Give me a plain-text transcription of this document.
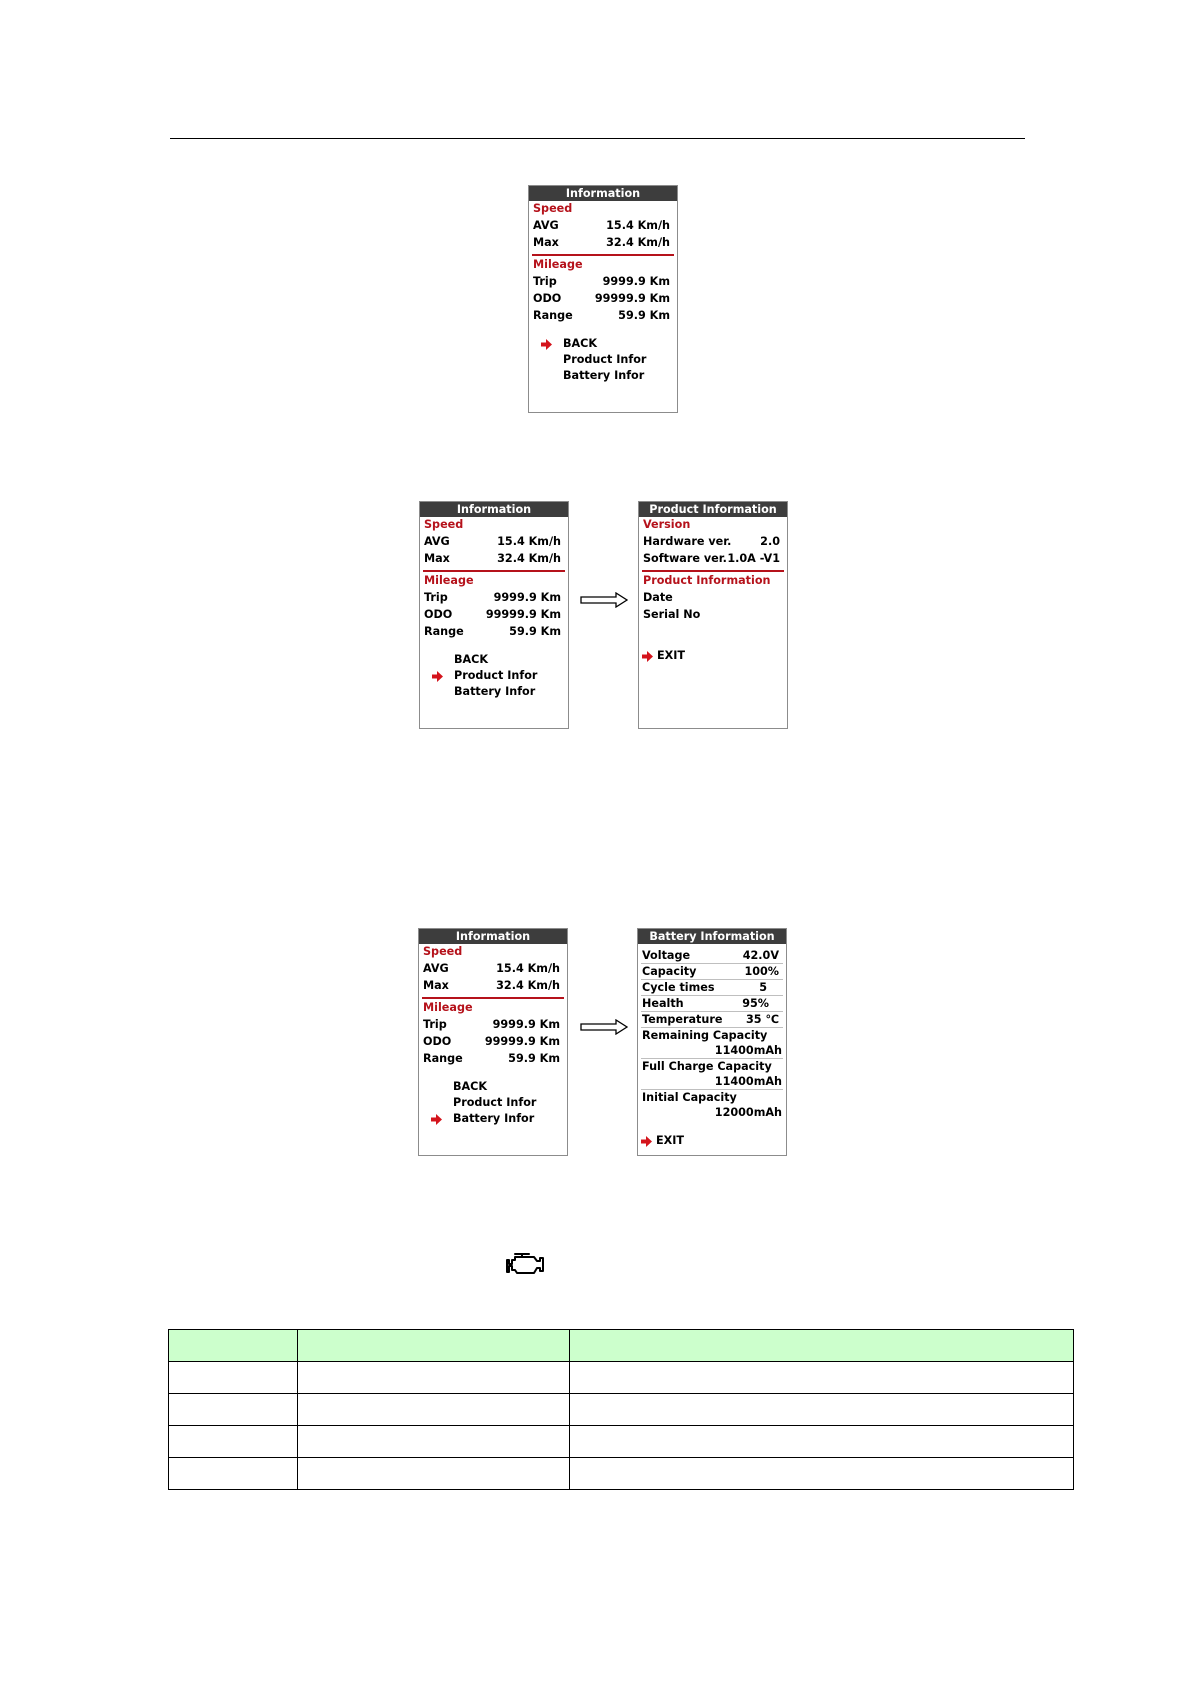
Information
Speed
AVG	15.4 Km/h
Max	32.4 Km/h
Mileage
Trip	9999.9 Km
ODO	99999.9 Km
Range	59.9 Km
BACK
Product Infor
Battery Infor
Information
Speed
AVG	15.4 Km/h
Max	32.4 Km/h
Mileage
Trip	9999.9 Km
ODO	99999.9 Km
Range	59.9 Km
BACK
Product Infor
Battery Infor
Product Information
Version
Hardware ver.	2.0
Software ver. 1.0A -V1
Product Information
Date
Serial No
EXIT
Information
Speed
AVG	15.4 Km/h
Max	32.4 Km/h
Mileage
Trip	9999.9 Km
ODO	99999.9 Km
Range	59.9 Km
BACK
Product Infor
Battery Infor
Battery Information
Voltage	42.0V
Capacity	100%
Cycle times	5
Health	95%
Temperature 35 ℃
Remaining Capacity
11400mAh
Full Charge Capacity
11400mAh
Initial Capacity
12000mAh
EXIT
